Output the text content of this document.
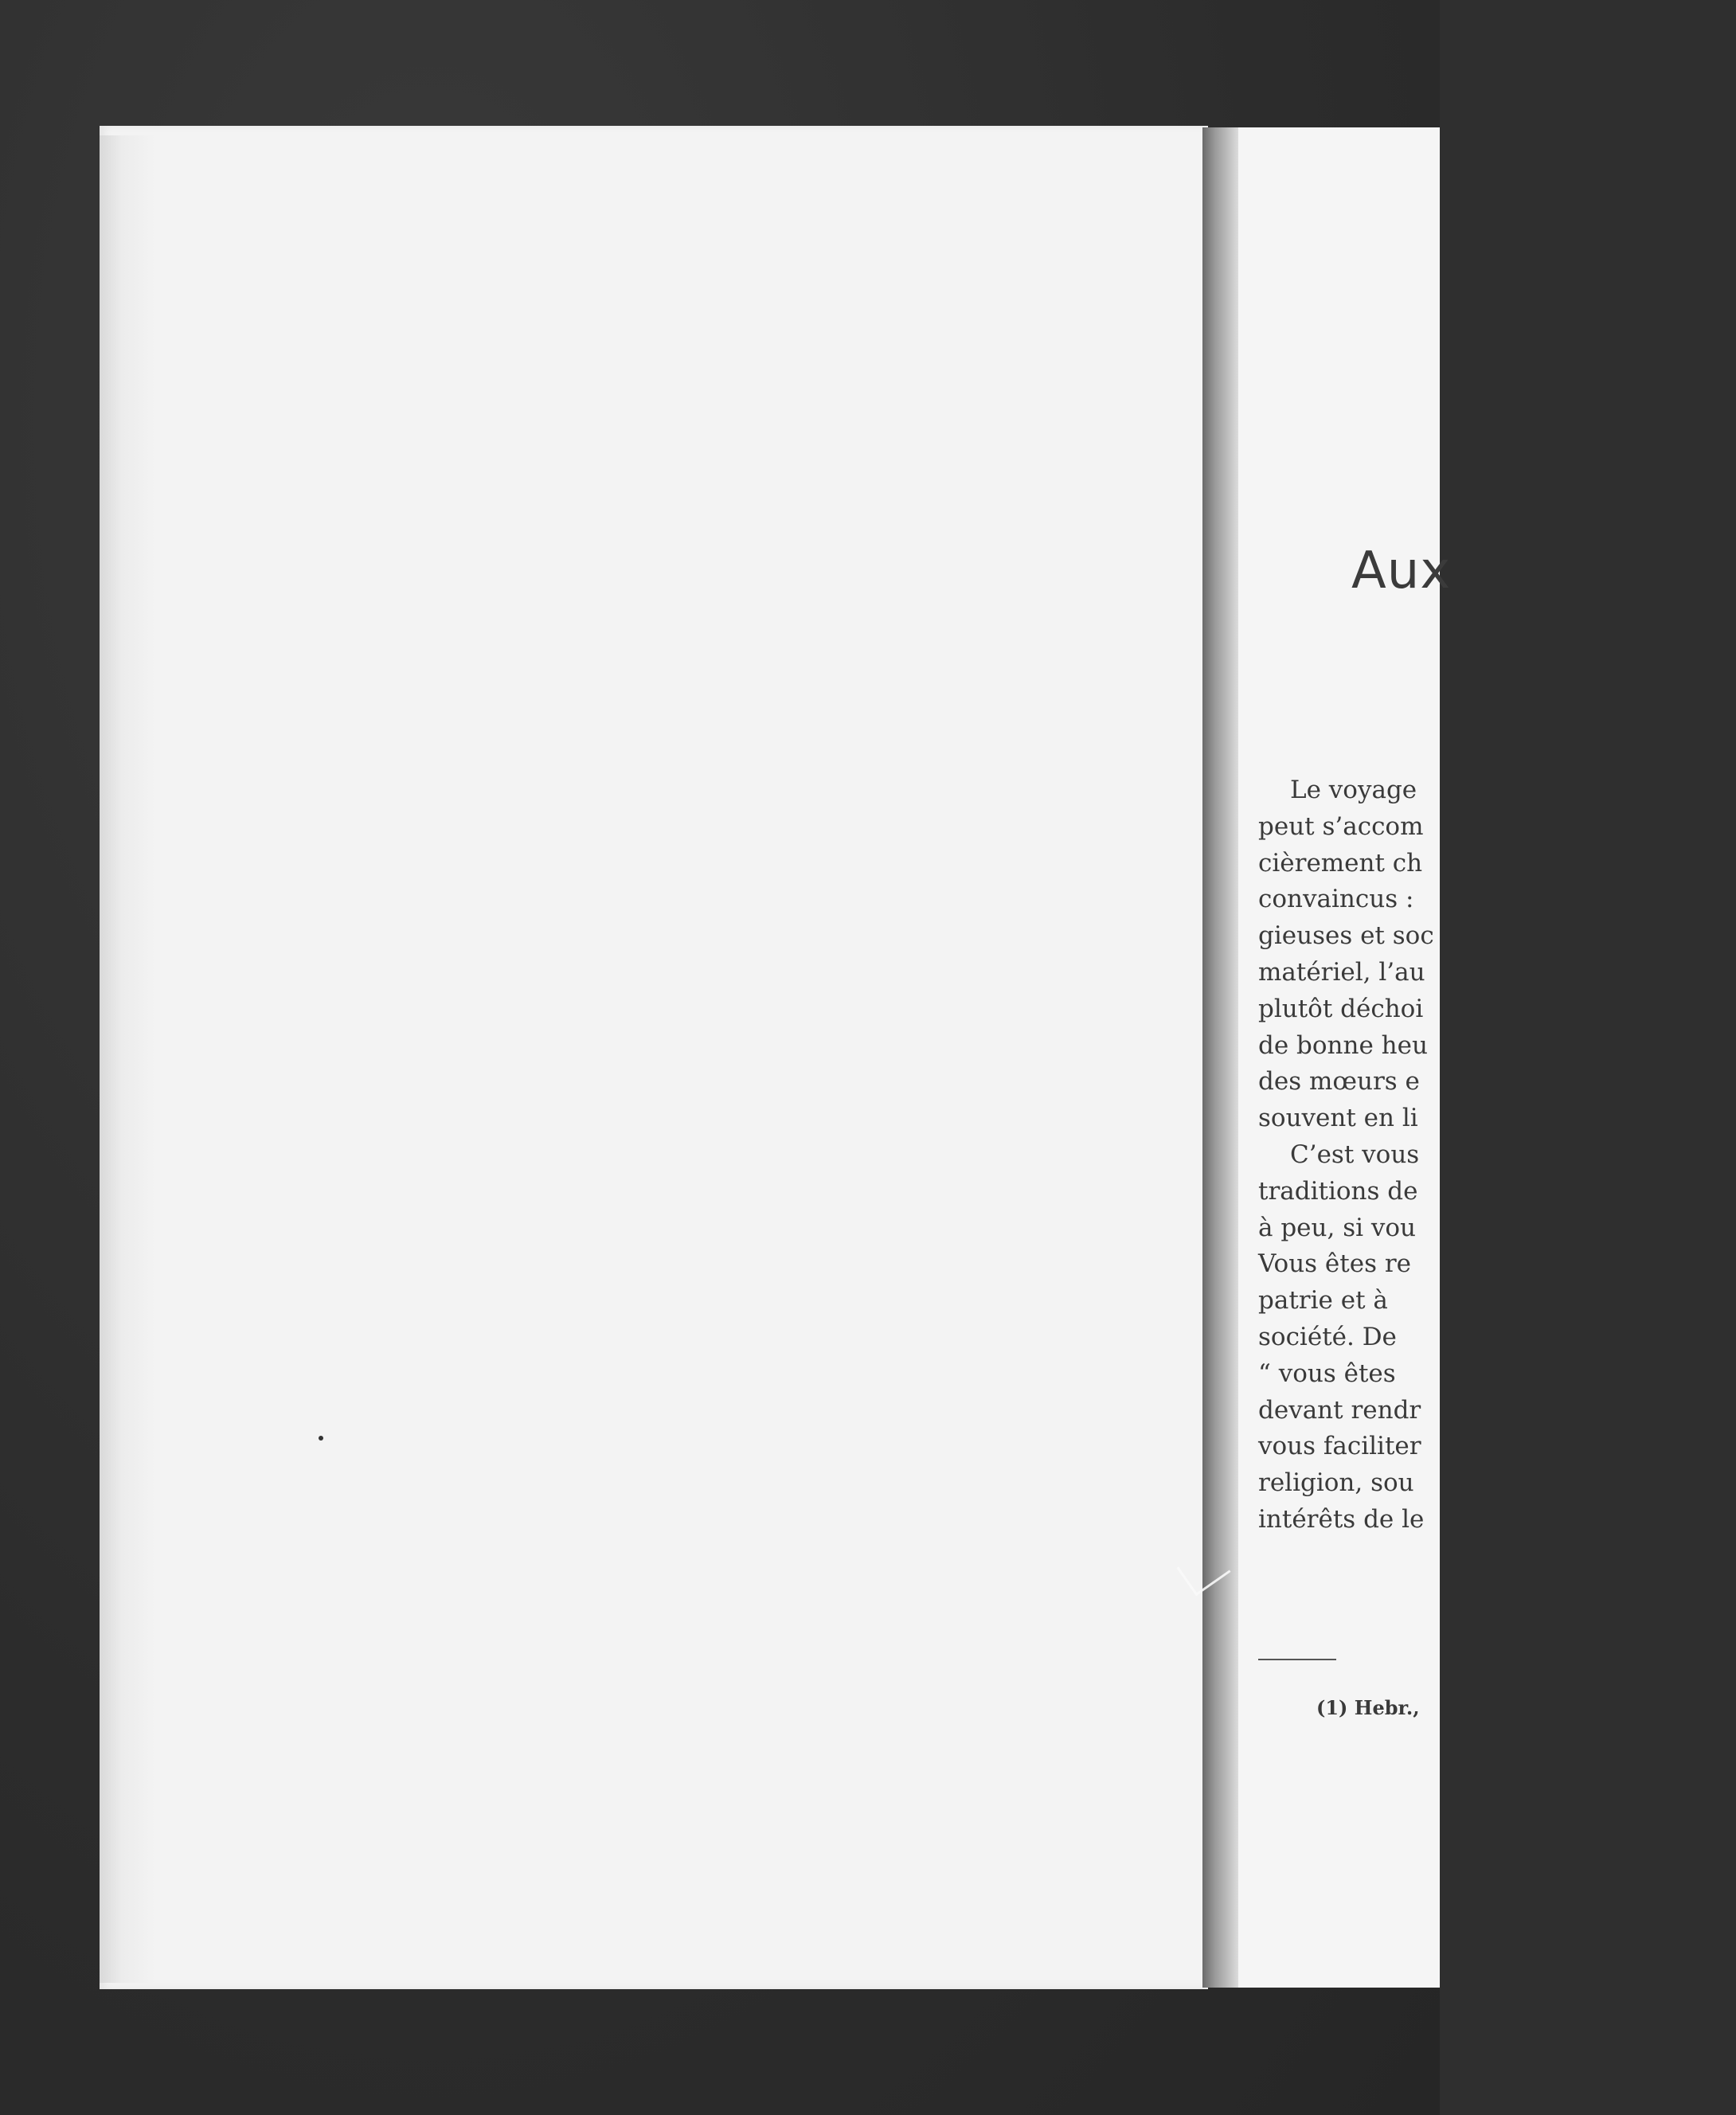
Aux
Le voyage
peut s’accom
cièrement ch
convaincus :
gieuses et soc
matériel, l’au
plutôt déchoi
de bonne heu
des mœurs e
souvent en li
C’est vous
traditions de
à peu, si vou
Vous êtes re
patrie et à
société. De
“ vous êtes
devant rendr
vous faciliter
religion, sou
intérêts de le
(1) Hebr.,
